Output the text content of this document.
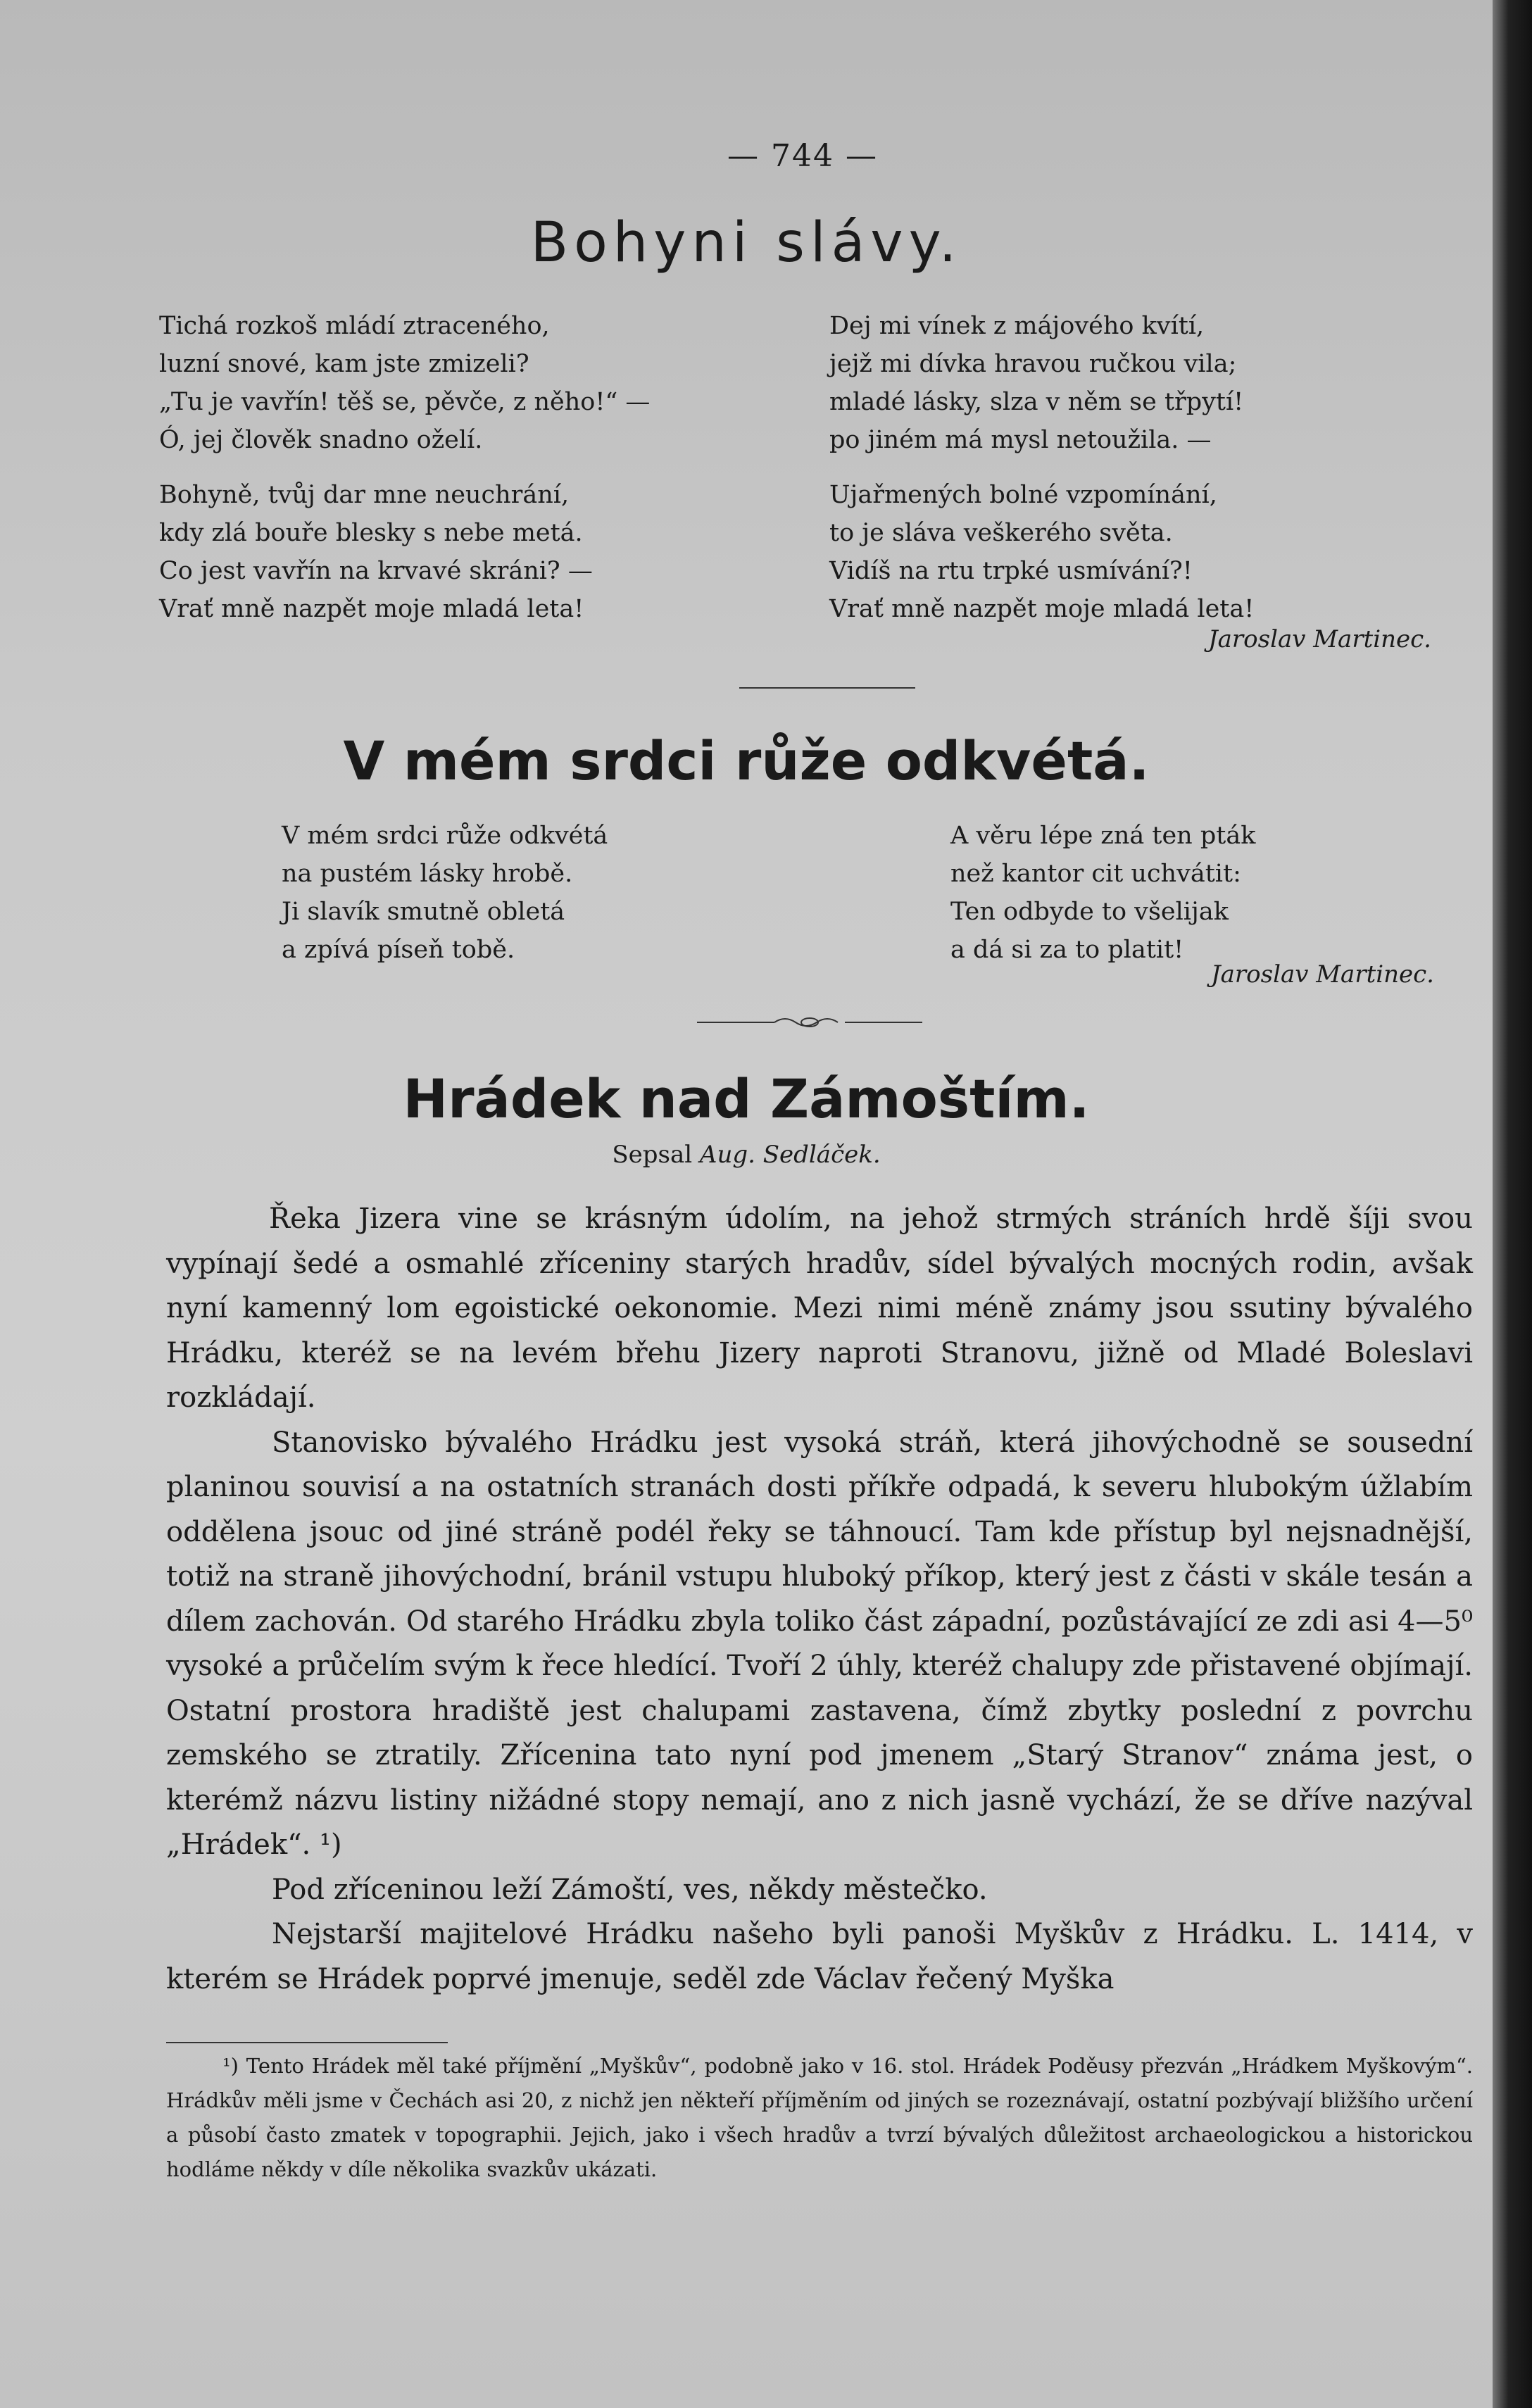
— 744 —
Bohyni slávy.
Tichá rozkoš mládí ztraceného,
luzní snové, kam jste zmizeli?
„Tu je vavřín! těš se, pěvče, z něho!“ —
Ó, jej člověk snadno oželí.
Bohyně, tvůj dar mne neuchrání,
kdy zlá bouře blesky s nebe metá.
Co jest vavřín na krvavé skráni? —
Vrať mně nazpět moje mladá leta!
Dej mi vínek z májového kvítí,
jejž mi dívka hravou ručkou vila;
mladé lásky, slza v něm se třpytí!
po jiném má mysl netoužila. —
Ujařmených bolné vzpomínání,
to je sláva veškerého světa.
Vidíš na rtu trpké usmívání?!
Vrať mně nazpět moje mladá leta!
Jaroslav Martinec.
V mém srdci růže odkvétá.
V mém srdci růže odkvétá
na pustém lásky hrobě.
Ji slavík smutně obletá
a zpívá píseň tobě.
A věru lépe zná ten pták
než kantor cit uchvátit:
Ten odbyde to všelijak
a dá si za to platit!
Jaroslav Martinec.
Hrádek nad Zámoštím.
Sepsal Aug. Sedláček.

Řeka Jizera vine se krásným údolím, na jehož strmých stráních hrdě šíji svou vypínají šedé a osmahlé zříceniny starých hradův, sídel bývalých mocných rodin, avšak nyní kamenný lom egoistické oekonomie. Mezi nimi méně známy jsou ssutiny bývalého Hrádku, kteréž se na levém břehu Jizery naproti Stranovu, jižně od Mladé Boleslavi rozkládají.

Stanovisko bývalého Hrádku jest vysoká stráň, která jihovýchodně se sousední planinou souvisí a na ostatních stranách dosti příkře odpadá, k severu hlubokým úžlabím oddělena jsouc od jiné stráně podél řeky se táhnoucí. Tam kde přístup byl nejsnadnější, totiž na straně jihovýchodní, bránil vstupu hluboký příkop, který jest z části v skále tesán a dílem zachován. Od starého Hrádku zbyla toliko část západní, pozůstávající ze zdi asi 4—5⁰ vysoké a průčelím svým k řece hledící. Tvoří 2 úhly, kteréž chalupy zde přistavené objímají. Ostatní prostora hradiště jest chalupami zastavena, čímž zbytky poslední z povrchu zemského se ztratily. Zřícenina tato nyní pod jmenem „Starý Stranov“ známa jest, o kterémž názvu listiny nižádné stopy nemají, ano z nich jasně vychází, že se dříve nazýval „Hrádek“. ¹)

Pod zříceninou leží Zámoští, ves, někdy městečko.

Nejstarší majitelové Hrádku našeho byli panoši Myškův z Hrádku. L. 1414, v kterém se Hrádek poprvé jmenuje, seděl zde Václav řečený Myška

¹) Tento Hrádek měl také příjmění „Myškův“, podobně jako v 16. stol. Hrádek Poděusy přezván „Hrádkem Myškovým“. Hrádkův měli jsme v Čechách asi 20, z nichž jen někteří příjměním od jiných se rozeznávají, ostatní pozbývají bližšího určení a působí často zmatek v topographii. Jejich, jako i všech hradův a tvrzí bývalých důležitost archaeologickou a historickou hodláme někdy v díle několika svazkův ukázati.
